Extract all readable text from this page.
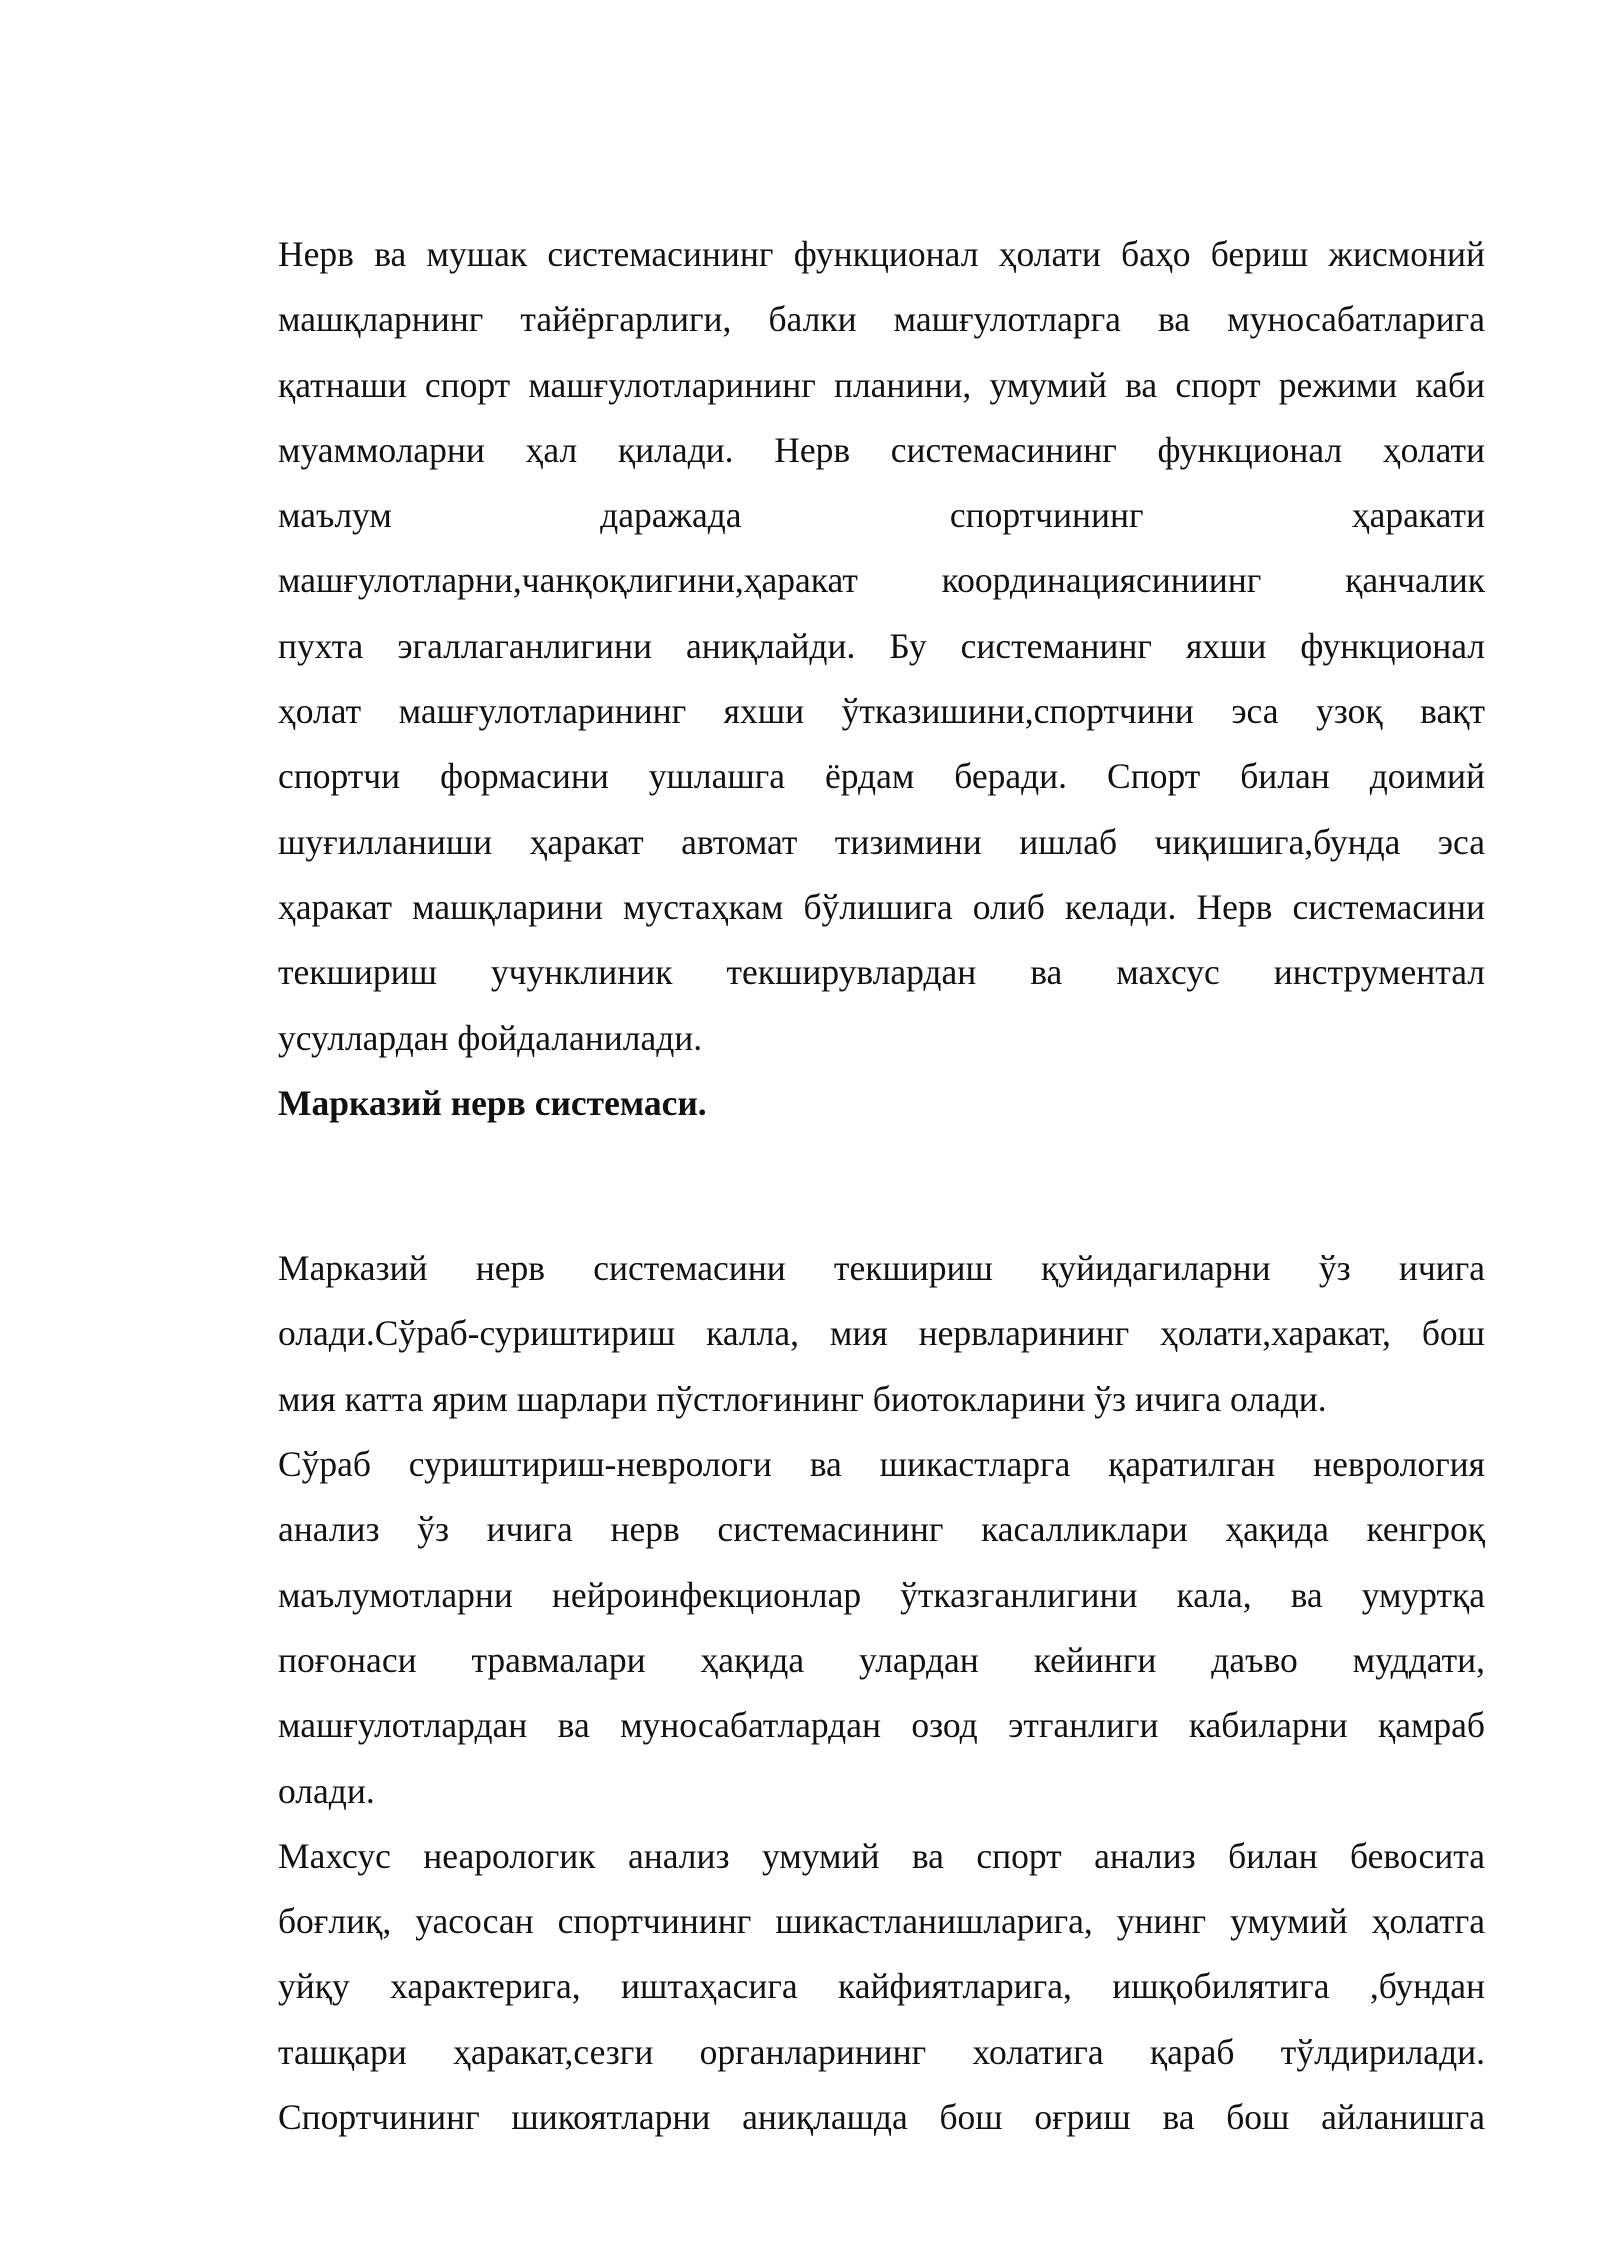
Нерв ва мушак системасининг функционал ҳолати баҳо бериш жисмоний
машқларнинг тайёргарлиги, балки машғулотларга ва муносабатларига
қатнаши спорт машғулотларининг планини, умумий ва спорт режими каби
муаммоларни ҳал қилади. Нерв системасининг функционал ҳолати
маълум даражада спортчининг ҳаракати
машғулотларни,чанқоқлигини,ҳаракат координациясиниинг қанчалик
пухта эгаллаганлигини аниқлайди. Бу системанинг яхши функционал
ҳолат машғулотларининг яхши ўтказишини,спортчини эса узоқ вақт
спортчи формасини ушлашга ёрдам беради. Спорт билан доимий
шуғилланиши ҳаракат автомат тизимини ишлаб чиқишига,бунда эса
ҳаракат машқларини мустаҳкам бўлишига олиб келади. Нерв системасини
текшириш учунклиник текширувлардан ва махсус инструментал
усуллардан фойдаланилади.
Марказий нерв системаси.
Марказий нерв системасини текшириш қуйидагиларни ўз ичига
олади.Сўраб-суриштириш калла, мия нервларининг ҳолати,харакат, бош
мия катта ярим шарлари пўстлоғининг биотокларини ўз ичига олади.
Сўраб суриштириш-неврологи ва шикастларга қаратилган неврология
анализ ўз ичига нерв системасининг касалликлари ҳақида кенгроқ
маълумотларни нейроинфекционлар ўтказганлигини кала, ва умуртқа
поғонаси травмалари ҳақида улардан кейинги даъво муддати,
машғулотлардан ва муносабатлардан озод этганлиги кабиларни қамраб
олади.
Махсус неарологик анализ умумий ва спорт анализ билан бевосита
боғлиқ, уасосан спортчининг шикастланишларига, унинг умумий ҳолатга
уйқу характерига, иштаҳасига кайфиятларига, ишқобилятига ,бундан
ташқари ҳаракат,сезги органларининг холатига қараб тўлдирилади.
Спортчининг шикоятларни аниқлашда бош оғриш ва бош айланишга
